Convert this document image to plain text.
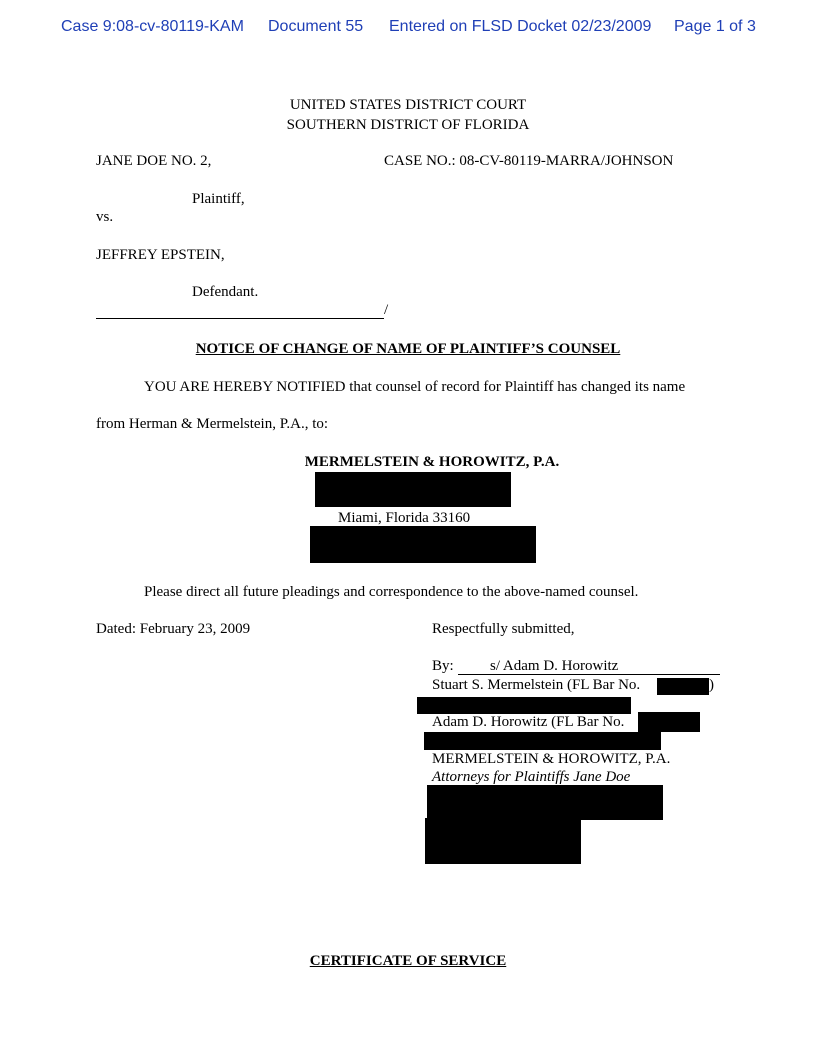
Case 9:08-cv-80119-KAM Document 55 Entered on FLSD Docket 02/23/2009 Page 1 of 3
UNITED STATES DISTRICT COURT
SOUTHERN DISTRICT OF FLORIDA
JANE DOE NO. 2,	CASE NO.: 08-CV-80119-MARRA/JOHNSON
Plaintiff,
vs.
JEFFREY EPSTEIN,
Defendant.
/
NOTICE OF CHANGE OF NAME OF PLAINTIFF’S COUNSEL
YOU ARE HEREBY NOTIFIED that counsel of record for Plaintiff has changed its name
from Herman & Mermelstein, P.A., to:
MERMELSTEIN & HOROWITZ, P.A.
Miami, Florida 33160
Please direct all future pleadings and correspondence to the above-named counsel.
Dated: February 23, 2009	Respectfully submitted,
By: s/ Adam D. Horowitz
Stuart S. Mermelstein (FL Bar No.	)
Adam D. Horowitz (FL Bar No.
MERMELSTEIN & HOROWITZ, P.A.
Attorneys for Plaintiffs Jane Doe
CERTIFICATE OF SERVICE
